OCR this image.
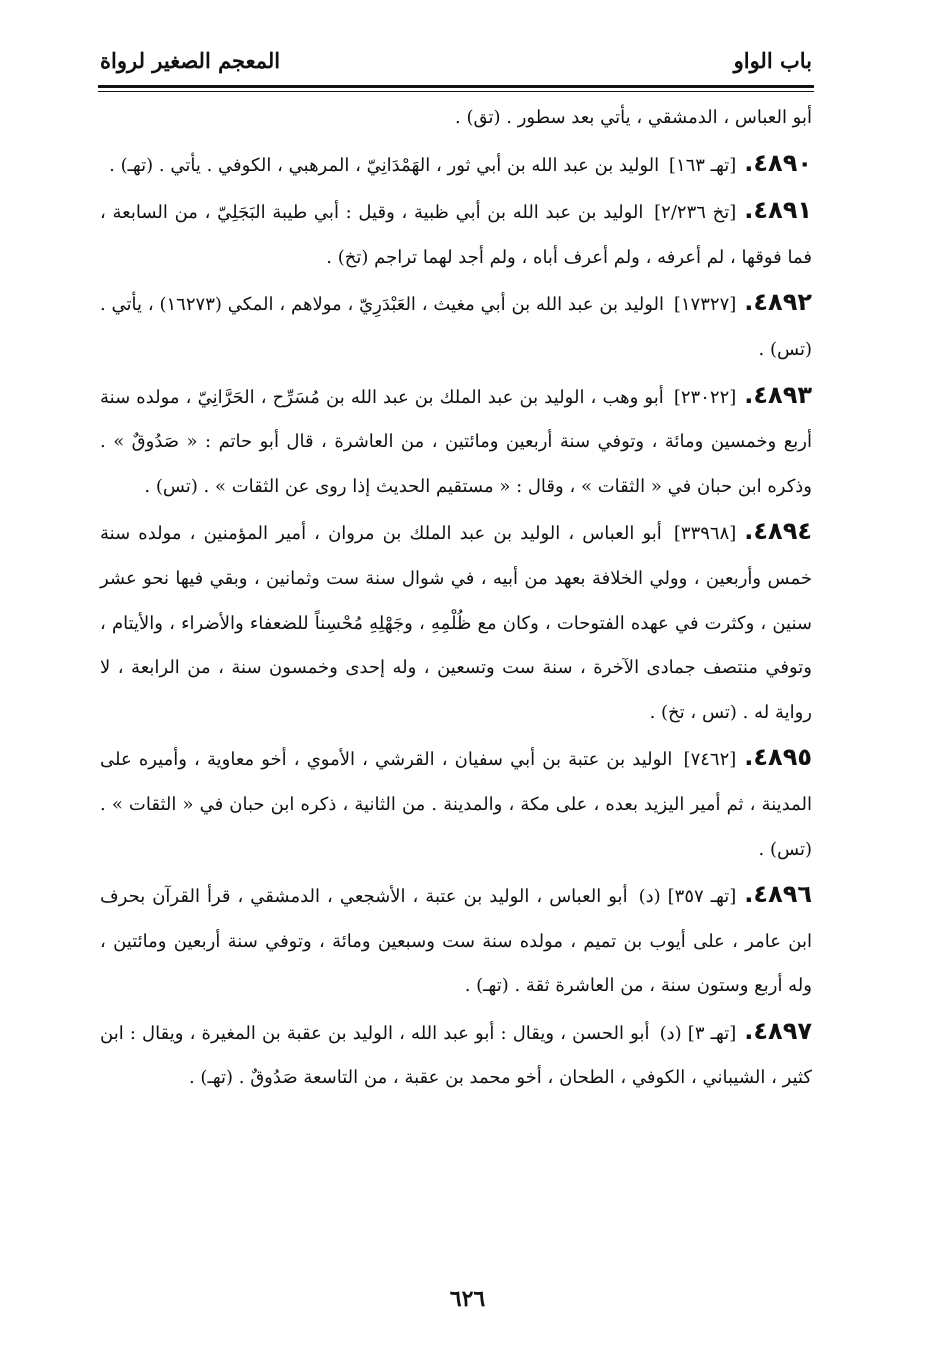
باب الواو
المعجم الصغير لرواة

أبو العباس ، الدمشقي ، يأتي بعد سطور . (تق) .

٤٨٩٠.[تهـ ١٦٣] الوليد بن عبد الله بن أبي ثور ، الهَمْدَانِيّ ، المرهبي ، الكوفي . يأتي . (تهـ) .

٤٨٩١.[تخ ٢/٢٣٦] الوليد بن عبد الله بن أبي ظبية ، وقيل : أبي طيبة البَجَلِيّ ، من السابعة ، فما فوقها ، لم أعرفه ، ولم أعرف أباه ، ولم أجد لهما تراجم (تخ) .

٤٨٩٢.[١٧٣٢٧] الوليد بن عبد الله بن أبي مغيث ، العَبْدَرِيّ ، مولاهم ، المكي (١٦٢٧٣) ، يأتي . (تس) .

٤٨٩٣.[٢٣٠٢٢] أبو وهب ، الوليد بن عبد الملك بن عبد الله بن مُسَرِّح ، الحَرَّانِيّ ، مولده سنة أربع وخمسين ومائة ، وتوفي سنة أربعين ومائتين ، من العاشرة ، قال أبو حاتم : « صَدُوقٌ » . وذكره ابن حبان في « الثقات » ، وقال : « مستقيم الحديث إذا روى عن الثقات » . (تس) .

٤٨٩٤.[٣٣٩٦٨] أبو العباس ، الوليد بن عبد الملك بن مروان ، أمير المؤمنين ، مولده سنة خمس وأربعين ، وولي الخلافة بعهد من أبيه ، في شوال سنة ست وثمانين ، وبقي فيها نحو عشر سنين ، وكثرت في عهده الفتوحات ، وكان مع ظُلْمِهِ ، وجَهْلِهِ مُحْسِناً للضعفاء والأضراء ، والأيتام ، وتوفي منتصف جمادى الآخرة ، سنة ست وتسعين ، وله إحدى وخمسون سنة ، من الرابعة ، لا رواية له . (تس ، تخ) .

٤٨٩٥.[٧٤٦٢] الوليد بن عتبة بن أبي سفيان ، القرشي ، الأموي ، أخو معاوية ، وأميره على المدينة ، ثم أمير اليزيد بعده ، على مكة ، والمدينة . من الثانية ، ذكره ابن حبان في « الثقات » . (تس) .

٤٨٩٦.[تهـ ٣٥٧] (د) أبو العباس ، الوليد بن عتبة ، الأشجعي ، الدمشقي ، قرأ القرآن بحرف ابن عامر ، على أيوب بن تميم ، مولده سنة ست وسبعين ومائة ، وتوفي سنة أربعين ومائتين ، وله أربع وستون سنة ، من العاشرة ثقة . (تهـ) .

٤٨٩٧.[تهـ ٣] (د) أبو الحسن ، ويقال : أبو عبد الله ، الوليد بن عقبة بن المغيرة ، ويقال : ابن كثير ، الشيباني ، الكوفي ، الطحان ، أخو محمد بن عقبة ، من التاسعة صَدُوقٌ . (تهـ) .

٦٢٦
